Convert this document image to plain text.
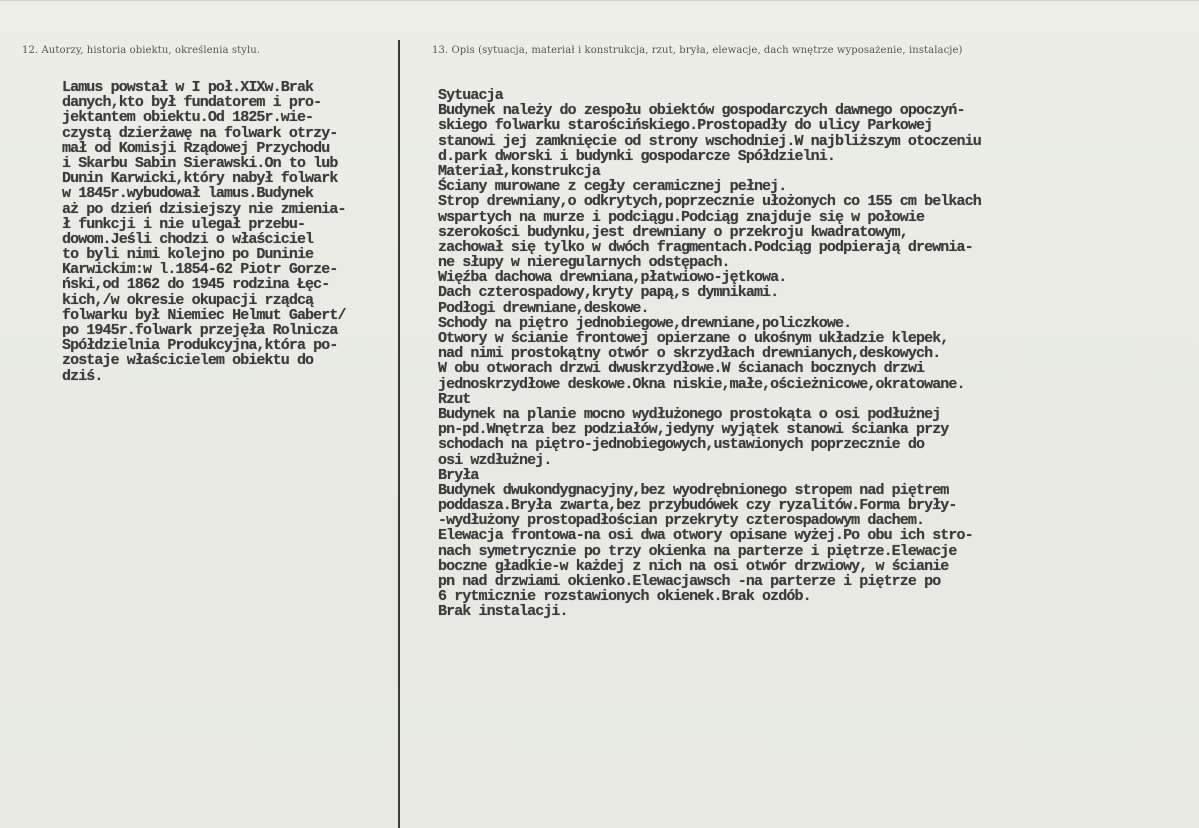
12. Autorzy, historia obiektu, określenia stylu.	13. Opis (sytuacja, materiał i konstrukcja, rzut, bryła, elewacje, dach wnętrze wyposażenie, instalacje)
Lamus powstał w I poł.XIXw.Brak
danych,kto był fundatorem i pro-
jektantem obiektu.Od 1825r.wie-
czystą dzierżawę na folwark otrzy-
mał od Komisji Rządowej Przychodu
i Skarbu Sabin Sierawski.On to lub
Dunin Karwicki,który nabył folwark
w 1845r.wybudował lamus.Budynek
aż po dzień dzisiejszy nie zmienia-
ł funkcji i nie ulegał przebu-
dowom.Jeśli chodzi o właściciel
to byli nimi kolejno po Duninie
Karwickim:w l.1854-62 Piotr Gorze-
ński,od 1862 do 1945 rodzina Łęc-
kich,/w okresie okupacji rządcą
folwarku był Niemiec Helmut Gabert/
po 1945r.folwark przejęła Rolnicza
Spółdzielnia Produkcyjna,która po-
zostaje właścicielem obiektu do
dziś.
Sytuacja
Budynek należy do zespołu obiektów gospodarczych dawnego opoczyń-
skiego folwarku starościńskiego.Prostopadły do ulicy Parkowej
stanowi jej zamknięcie od strony wschodniej.W najbliższym otoczeniu
d.park dworski i budynki gospodarcze Spółdzielni.
Materiał,konstrukcja
Ściany murowane z cegły ceramicznej pełnej.
Strop drewniany,o odkrytych,poprzecznie ułożonych co 155 cm belkach
wspartych na murze i podciągu.Podciąg znajduje się w połowie
szerokości budynku,jest drewniany o przekroju kwadratowym,
zachował się tylko w dwóch fragmentach.Podciąg podpierają drewnia-
ne słupy w nieregularnych odstępach.
Więźba dachowa drewniana,płatwiowo-jętkowa.
Dach czterospadowy,kryty papą,s dymnikami.
Podłogi drewniane,deskowe.
Schody na piętro jednobiegowe,drewniane,policzkowe.
Otwory w ścianie frontowej opierzane o ukośnym układzie klepek,
nad nimi prostokątny otwór o skrzydłach drewnianych,deskowych.
W obu otworach drzwi dwuskrzydłowe.W ścianach bocznych drzwi
jednoskrzydłowe deskowe.Okna niskie,małe,ościeżnicowe,okratowane.
Rzut
Budynek na planie mocno wydłużonego prostokąta o osi podłużnej
pn-pd.Wnętrza bez podziałów,jedyny wyjątek stanowi ścianka przy
schodach na piętro-jednobiegowych,ustawionych poprzecznie do
osi wzdłużnej.
Bryła
Budynek dwukondygnacyjny,bez wyodrębnionego stropem nad piętrem
poddasza.Bryła zwarta,bez przybudówek czy ryzalitów.Forma bryły-
-wydłużony prostopadłościan przekryty czterospadowym dachem.
Elewacja frontowa-na osi dwa otwory opisane wyżej.Po obu ich stro-
nach symetrycznie po trzy okienka na parterze i piętrze.Elewacje
boczne gładkie-w każdej z nich na osi otwór drzwiowy, w ścianie
pn nad drzwiami okienko.Elewacjawsch -na parterze i piętrze po
6 rytmicznie rozstawionych okienek.Brak ozdób.
Brak instalacji.
